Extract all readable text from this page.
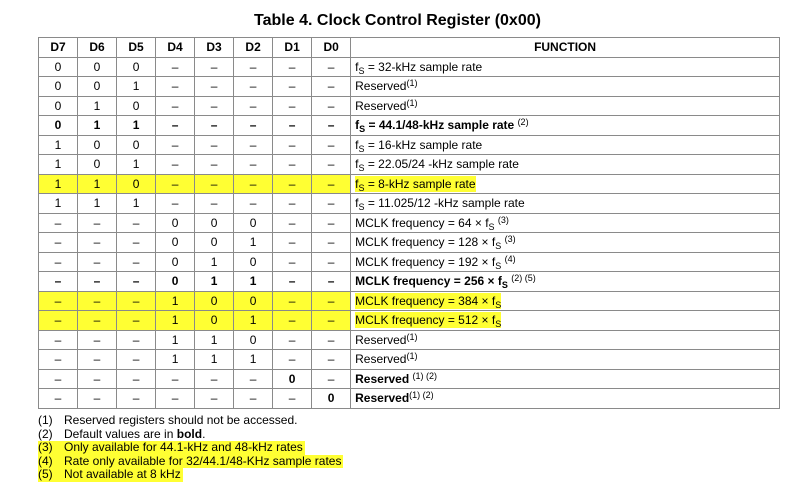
Table 4. Clock Control Register (0x00)
D7	D6	D5	D4	D3	D2	D1	D0	FUNCTION
0	0	0	–	–	–	–	–	$f_S = 32-kHz$ sample rate
0	0	1	–	–	–	–	–	Reserved$^{(1)}$
0	1	0	–	–	–	–	–	Reserved$^{(1)}$
0	1	1	–	–	–	–	–	$f_S = 44.1/48-kHz$ sample rate $^{(2)}$
1	0	0	–	–	–	–	–	$f_S = 16-kHz$ sample rate
1	0	1	–	–	–	–	–	$f_S = 22.05/24$ -kHz sample rate
1	1	0	–	–	–	–	–	$f_S = 8-kHz$ sample rate
1	1	1	–	–	–	–	–	$f_S = 11.025/12$ -kHz sample rate
–	–	–	0	0	0	–	–	MCLK frequency = $64 \times f_S$ $^{(3)}$
–	–	–	0	0	1	–	–	MCLK frequency = $128 \times f_S$ $^{(3)}$
–	–	–	0	1	0	–	–	MCLK frequency = $192 \times f_S$ $^{(4)}$
–	–	–	0	1	1	–	–	MCLK frequency = $256 \times f_S$ $^{(2) (5)}$
–	–	–	1	0	0	–	–	MCLK frequency = $384 \times f_S$
–	–	–	1	0	1	–	–	MCLK frequency = $512 \times f_S$
–	–	–	1	1	0	–	–	Reserved$^{(1)}$
–	–	–	1	1	1	–	–	Reserved$^{(1)}$
–	–	–	–	–	–	0	–	Reserved $^{(1) (2)}$
–	–	–	–	–	–	–	0	Reserved$^{(1) (2)}$
(1) Reserved registers should not be accessed.
(2) Default values are in bold.
(3) Only available for 44.1-kHz and 48-kHz rates
(4) Rate only available for 32/44.1/48-KHz sample rates
(5) Not available at 8 kHz
